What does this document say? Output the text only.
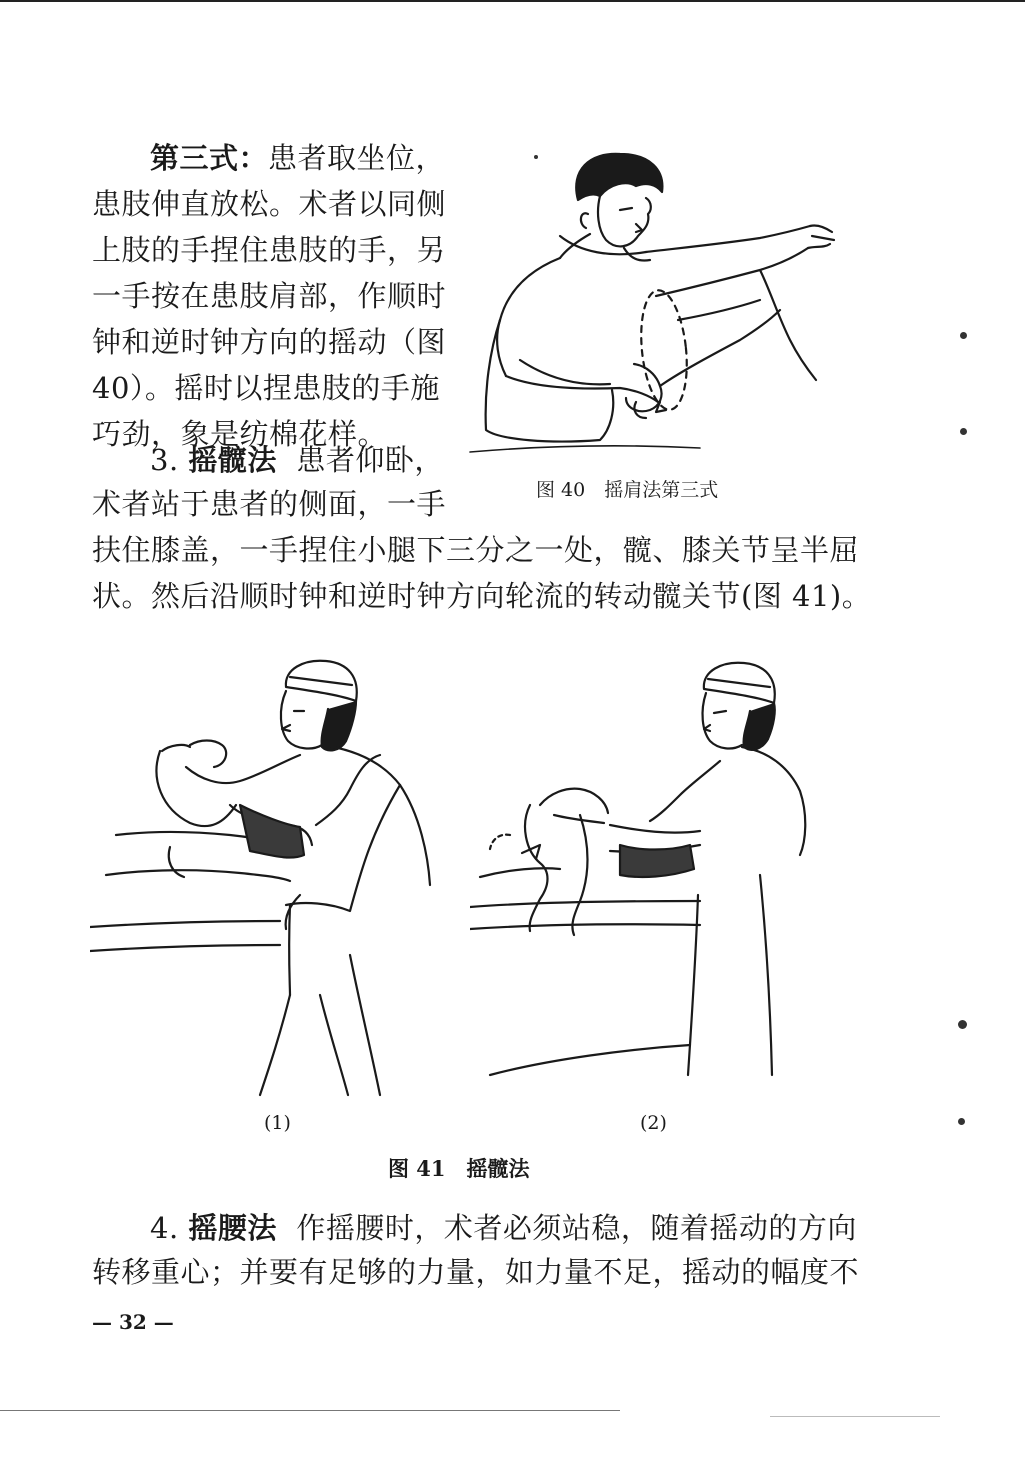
第三式：患者取坐位，
患肢伸直放松。术者以同侧
上肢的手捏住患肢的手，另
一手按在患肢肩部，作顺时
钟和逆时钟方向的摇动（图
40）。摇时以捏患肢的手施
巧劲，象是纺棉花样。
3. 摇髋法 患者仰卧，
术者站于患者的侧面，一手
扶住膝盖，一手捏住小腿下三分之一处，髋、膝关节呈半屈
状。然后沿顺时钟和逆时钟方向轮流的转动髋关节(图 41)。
图 40　摇肩法第三式
(1)	(2)
图 41　摇髋法
4. 摇腰法 作摇腰时，术者必须站稳，随着摇动的方向
转移重心；并要有足够的力量，如力量不足，摇动的幅度不
— 32 —
